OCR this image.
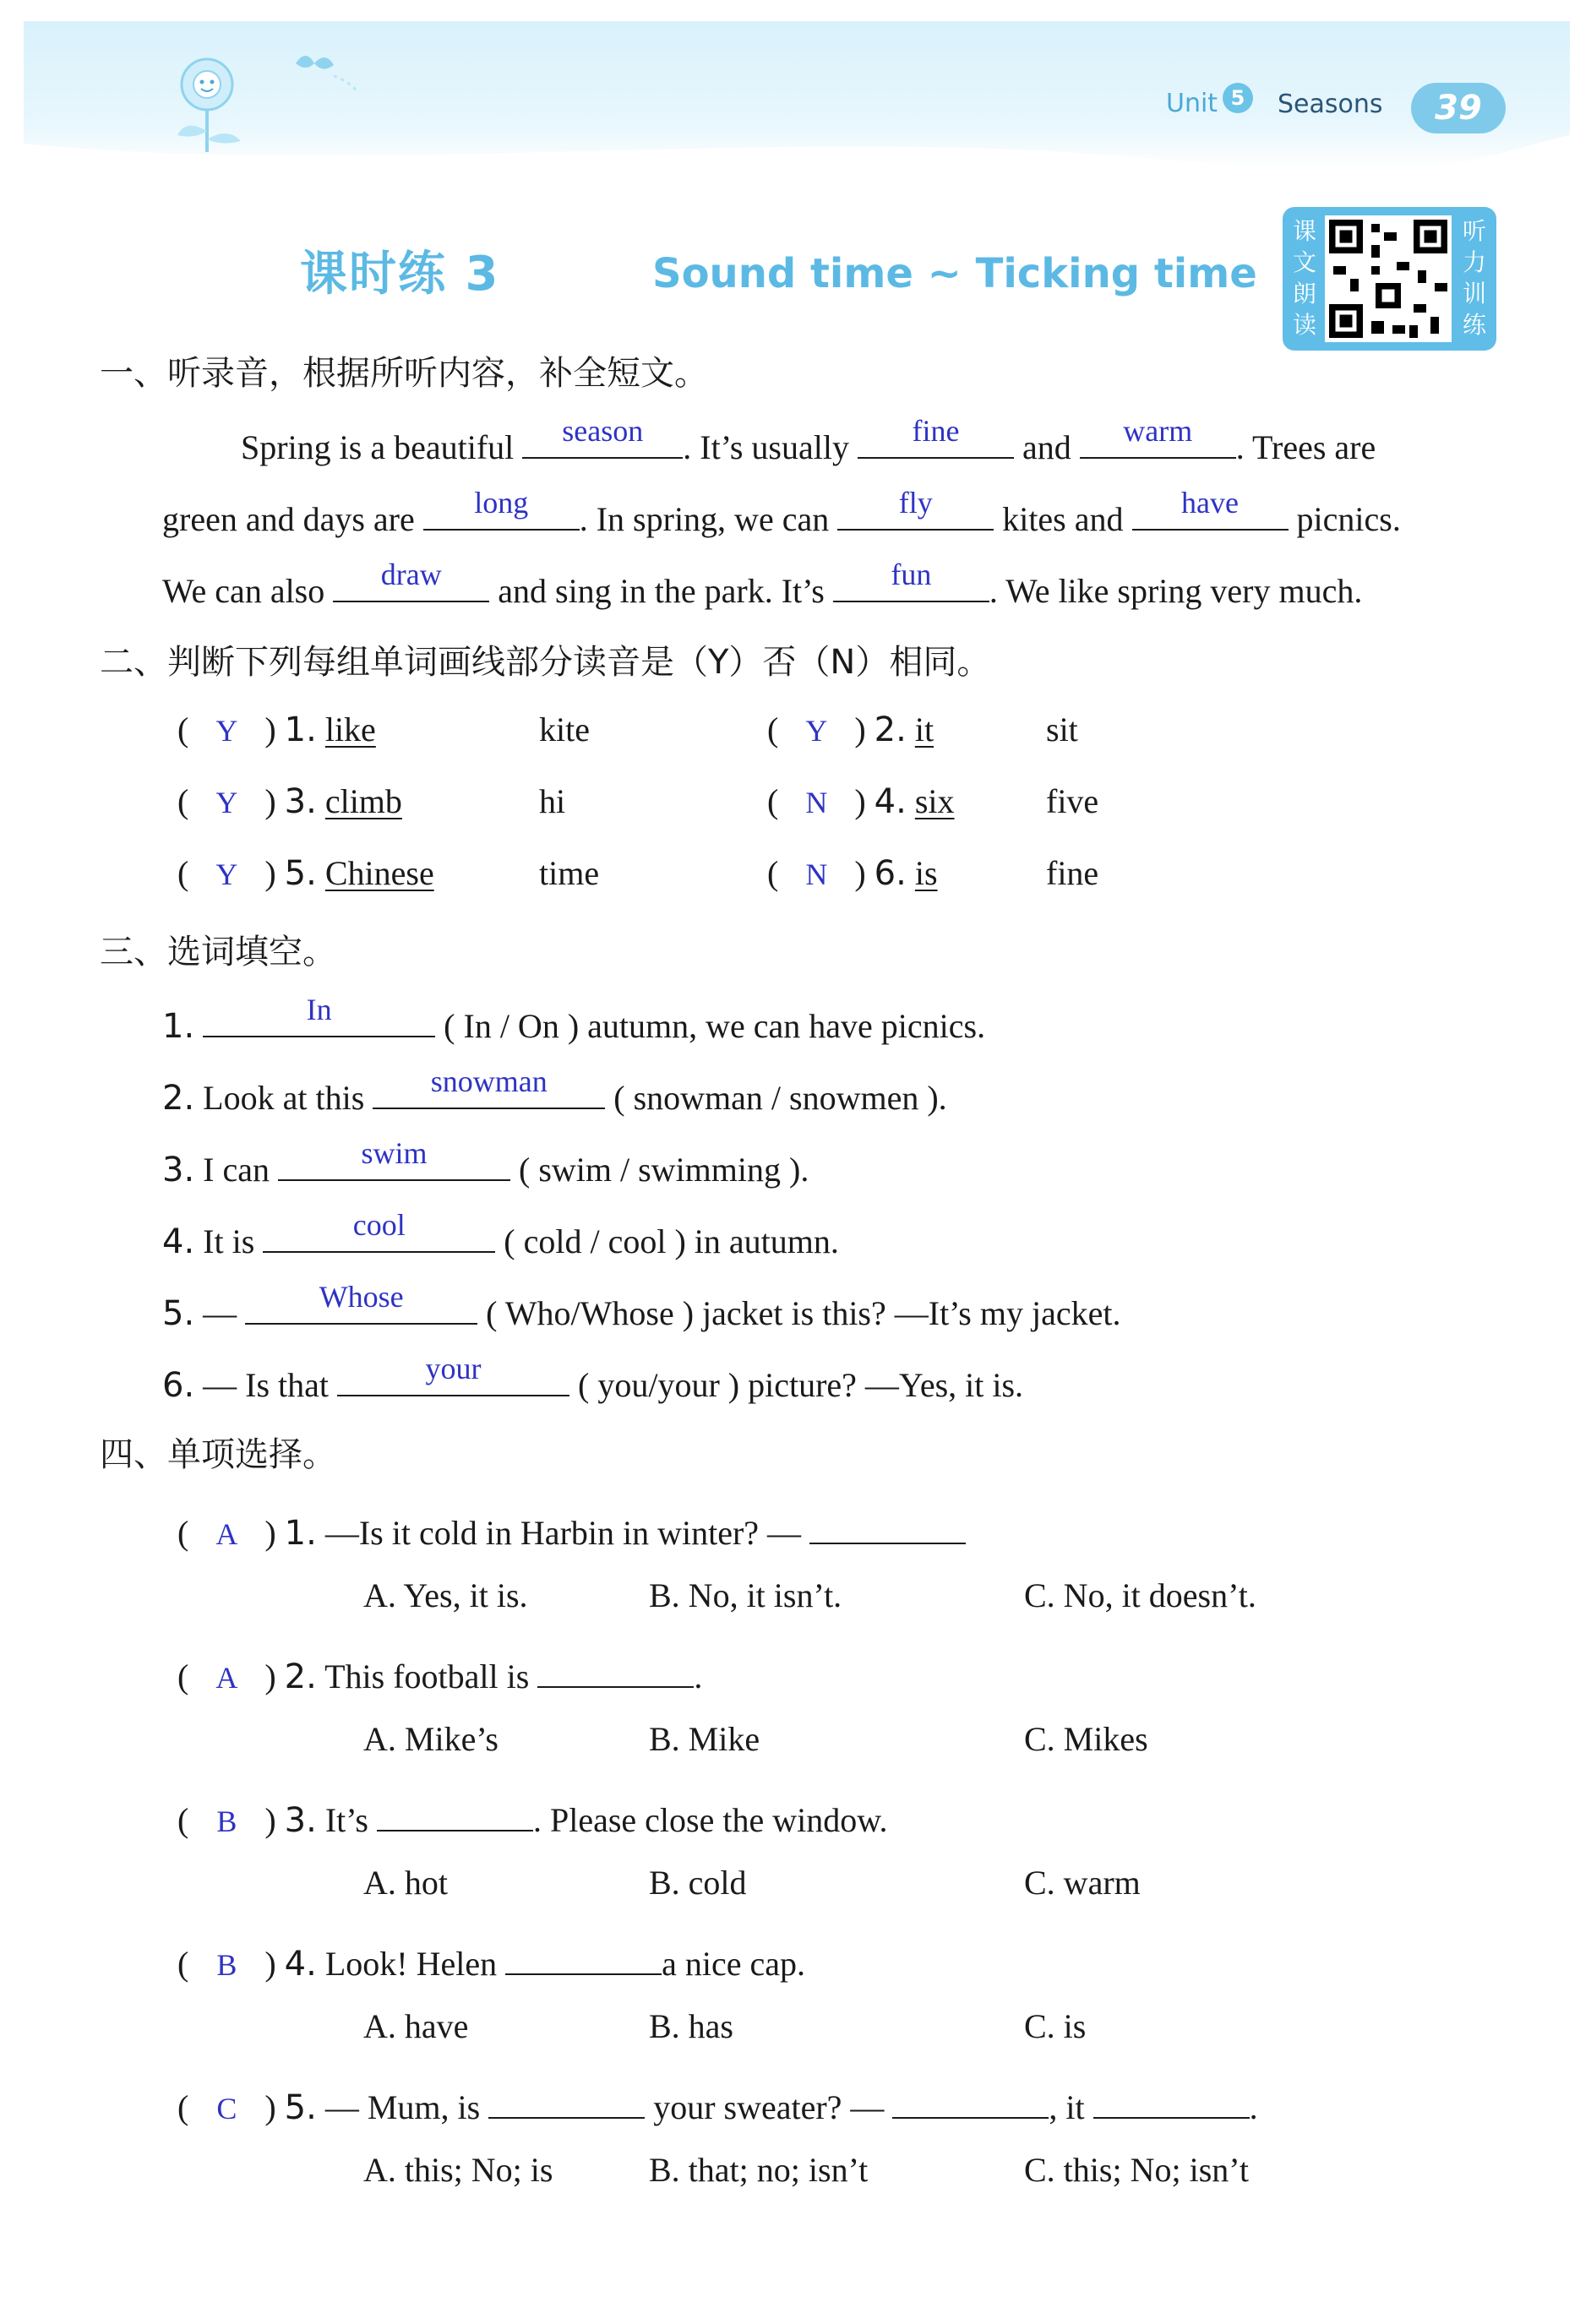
Unit 5	Seasons	39
课时练 3	Sound time ~ Ticking time
课
文
朗
读
听
力
训
练
一、听录音，根据所听内容，补全短文。
Spring is a beautiful	season	. It’s usually	fine	and	warm	. Trees are
green and days are	long	. In spring, we can	fly	kites and	have	picnics.
We can also	draw	and sing in the park. It’s	fun	. We like spring very much.
二、判断下列每组单词画线部分读音是（Y）否（N）相同。
( Y ) 1. like	kite	( Y ) 2. it	sit
( Y ) 3. climb	hi	( N ) 4. six	five
( Y ) 5. Chinese	time	( N ) 6. is	fine
三、选词填空。
1.	In	( In / On ) autumn, we can have picnics.
2. Look at this	snowman	( snowman / snowmen ).
3. I can	swim	( swim / swimming ).
4. It is	cool	( cold / cool ) in autumn.
5. —	Whose	( Who/Whose ) jacket is this? —It’s my jacket.
6. — Is that	your	( you/your ) picture? —Yes, it is.
四、单项选择。
( A ) 1. —Is it cold in Harbin in winter? —
A. Yes, it is.	B. No, it isn’t.	C. No, it doesn’t.
( A ) 2. This football is	.
A. Mike’s	B. Mike	C. Mikes
( B ) 3. It’s	. Please close the window.
A. hot	B. cold	C. warm
( B ) 4. Look! Helen	a nice cap.
A. have	B. has	C. is
( C ) 5. — Mum, is	your sweater? —	, it	.
A. this; No; is	B. that; no; isn’t	C. this; No; isn’t
